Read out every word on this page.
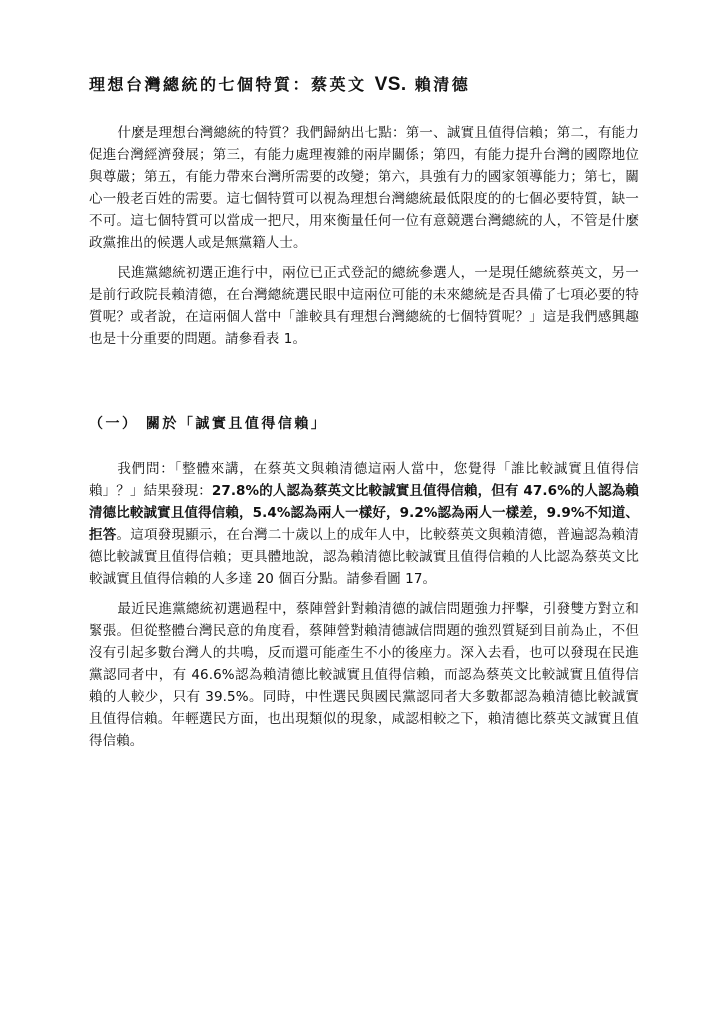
理想台灣總統的七個特質：蔡英文 VS. 賴清德

什麼是理想台灣總統的特質？我們歸納出七點：第一、誠實且值得信賴；第二，有能力促進台灣經濟發展；第三，有能力處理複雜的兩岸關係；第四，有能力提升台灣的國際地位與尊嚴；第五，有能力帶來台灣所需要的改變；第六，具強有力的國家領導能力；第七，關心一般老百姓的需要。這七個特質可以視為理想台灣總統最低限度的的七個必要特質，缺一不可。這七個特質可以當成一把尺，用來衡量任何一位有意競選台灣總統的人，不管是什麼政黨推出的候選人或是無黨籍人士。

民進黨總統初選正進行中，兩位已正式登記的總統參選人，一是現任總統蔡英文，另一是前行政院長賴清德，在台灣總統選民眼中這兩位可能的未來總統是否具備了七項必要的特質呢？或者說，在這兩個人當中「誰較具有理想台灣總統的七個特質呢？」這是我們感興趣也是十分重要的問題。請參看表 1。

（一） 關於「誠實且值得信賴」

我們問：「整體來講，在蔡英文與賴清德這兩人當中，您覺得「誰比較誠實且值得信賴」？」結果發現：27.8%的人認為蔡英文比較誠實且值得信賴，但有 47.6%的人認為賴清德比較誠實且值得信賴，5.4%認為兩人一樣好，9.2%認為兩人一樣差，9.9%不知道、拒答。這項發現顯示，在台灣二十歲以上的成年人中，比較蔡英文與賴清德，普遍認為賴清德比較誠實且值得信賴；更具體地說，認為賴清德比較誠實且值得信賴的人比認為蔡英文比較誠實且值得信賴的人多達 20 個百分點。請參看圖 17。

最近民進黨總統初選過程中，蔡陣營針對賴清德的誠信問題強力抨擊，引發雙方對立和緊張。但從整體台灣民意的角度看，蔡陣營對賴清德誠信問題的強烈質疑到目前為止，不但沒有引起多數台灣人的共鳴，反而還可能產生不小的後座力。深入去看，也可以發現在民進黨認同者中，有 46.6%認為賴清德比較誠實且值得信賴，而認為蔡英文比較誠實且值得信賴的人較少，只有 39.5%。同時，中性選民與國民黨認同者大多數都認為賴清德比較誠實且值得信賴。年輕選民方面，也出現類似的現象，咸認相較之下，賴清德比蔡英文誠實且值得信賴。
